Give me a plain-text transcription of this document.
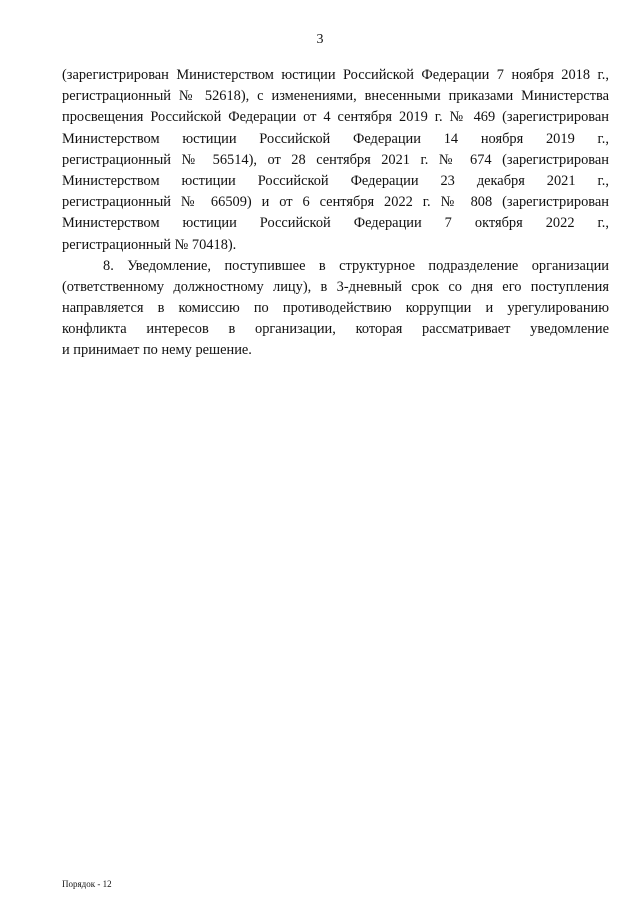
3
(зарегистрирован Министерством юстиции Российской Федерации 7 ноября 2018 г.,
регистрационный № 52618), с изменениями, внесенными приказами Министерства
просвещения Российской Федерации от 4 сентября 2019 г. № 469 (зарегистрирован
Министерством юстиции Российской Федерации 14 ноября 2019 г.,
регистрационный № 56514), от 28 сентября 2021 г. № 674 (зарегистрирован
Министерством юстиции Российской Федерации 23 декабря 2021 г.,
регистрационный № 66509) и от 6 сентября 2022 г. № 808 (зарегистрирован
Министерством юстиции Российской Федерации 7 октября 2022 г.,
регистрационный № 70418).
8. Уведомление, поступившее в структурное подразделение организации
(ответственному должностному лицу), в 3-дневный срок со дня его поступления
направляется в комиссию по противодействию коррупции и урегулированию
конфликта интересов в организации, которая рассматривает уведомление
и принимает по нему решение.
Порядок - 12
